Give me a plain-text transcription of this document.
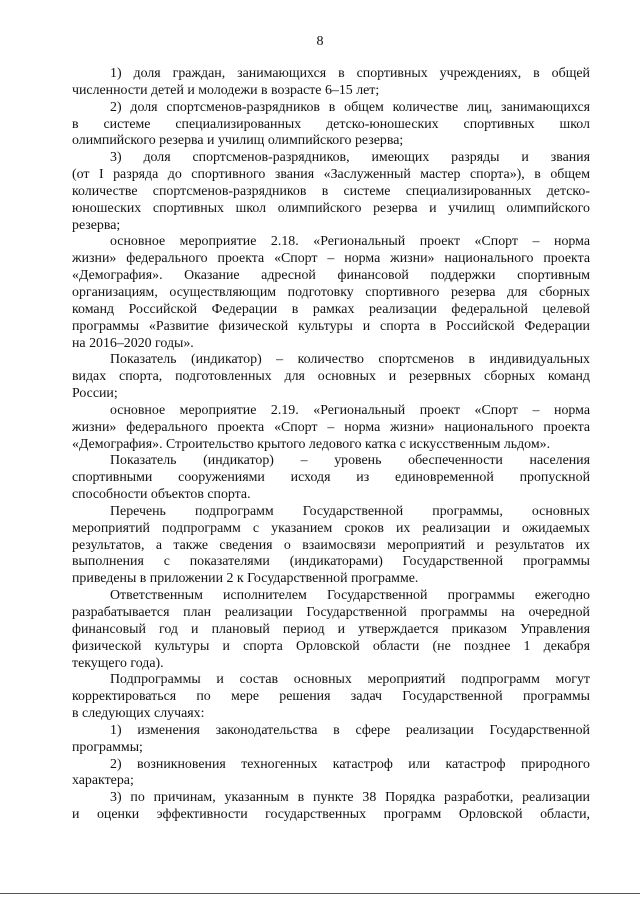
8
1) доля граждан, занимающихся в спортивных учреждениях, в общей
численности детей и молодежи в возрасте 6–15 лет;
2) доля спортсменов-разрядников в общем количестве лиц, занимающихся
в системе специализированных детско-юношеских спортивных школ
олимпийского резерва и училищ олимпийского резерва;
3) доля спортсменов-разрядников, имеющих разряды и звания
(от I разряда до спортивного звания «Заслуженный мастер спорта»), в общем
количестве спортсменов-разрядников в системе специализированных детско-
юношеских спортивных школ олимпийского резерва и училищ олимпийского
резерва;
основное мероприятие 2.18. «Региональный проект «Спорт – норма
жизни» федерального проекта «Спорт – норма жизни» национального проекта
«Демография». Оказание адресной финансовой поддержки спортивным
организациям, осуществляющим подготовку спортивного резерва для сборных
команд Российской Федерации в рамках реализации федеральной целевой
программы «Развитие физической культуры и спорта в Российской Федерации
на 2016–2020 годы».
Показатель (индикатор) – количество спортсменов в индивидуальных
видах спорта, подготовленных для основных и резервных сборных команд
России;
основное мероприятие 2.19. «Региональный проект «Спорт – норма
жизни» федерального проекта «Спорт – норма жизни» национального проекта
«Демография». Строительство крытого ледового катка с искусственным льдом».
Показатель (индикатор) – уровень обеспеченности населения
спортивными сооружениями исходя из единовременной пропускной
способности объектов спорта.
Перечень подпрограмм Государственной программы, основных
мероприятий подпрограмм с указанием сроков их реализации и ожидаемых
результатов, а также сведения о взаимосвязи мероприятий и результатов их
выполнения с показателями (индикаторами) Государственной программы
приведены в приложении 2 к Государственной программе.
Ответственным исполнителем Государственной программы ежегодно
разрабатывается план реализации Государственной программы на очередной
финансовый год и плановый период и утверждается приказом Управления
физической культуры и спорта Орловской области (не позднее 1 декабря
текущего года).
Подпрограммы и состав основных мероприятий подпрограмм могут
корректироваться по мере решения задач Государственной программы
в следующих случаях:
1) изменения законодательства в сфере реализации Государственной
программы;
2) возникновения техногенных катастроф или катастроф природного
характера;
3) по причинам, указанным в пункте 38 Порядка разработки, реализации
и оценки эффективности государственных программ Орловской области,
